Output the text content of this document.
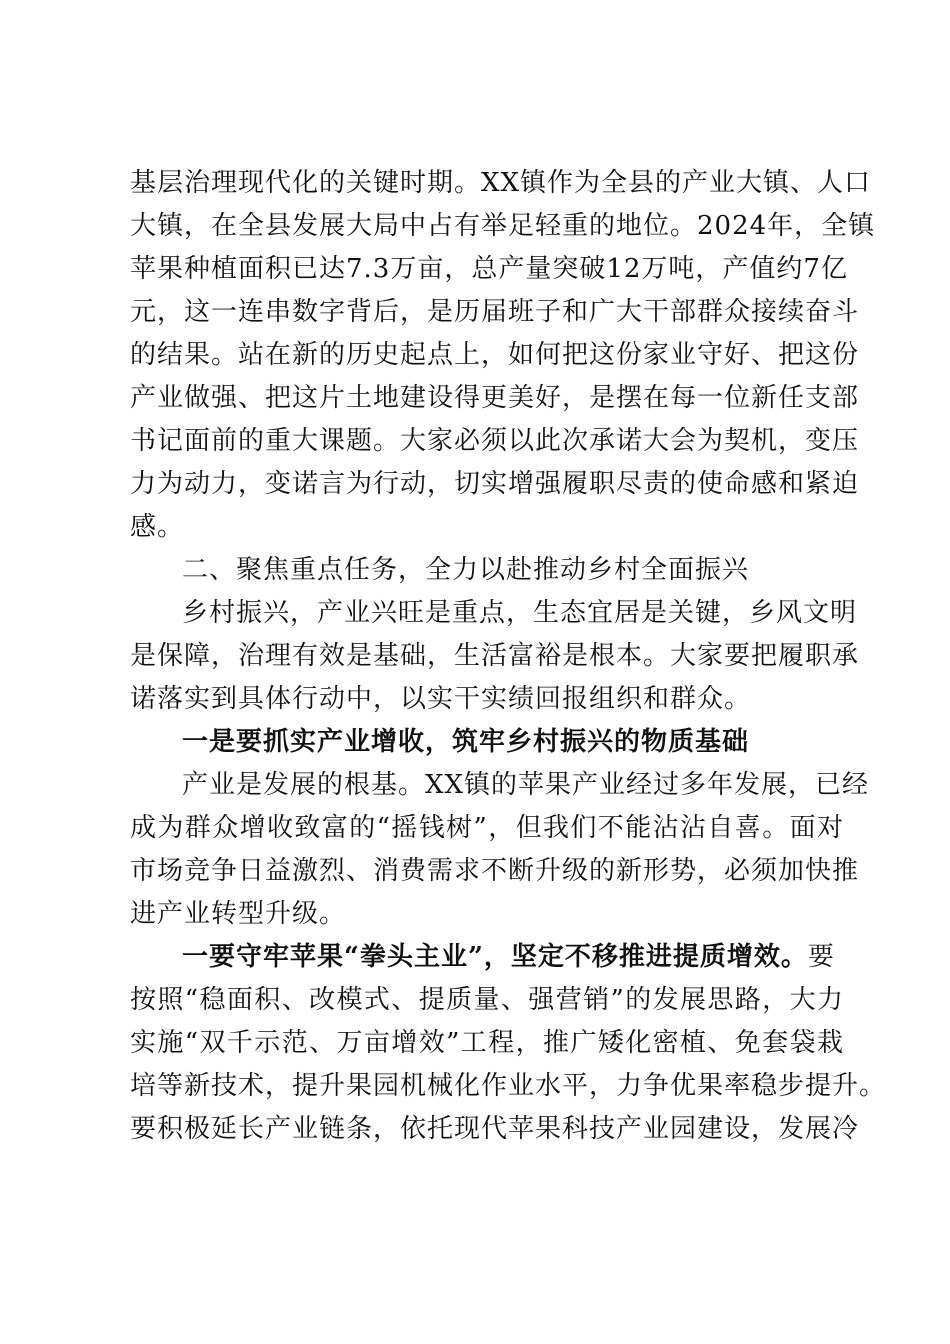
基层治理现代化的关键时期。XX镇作为全县的产业大镇、人口
大镇，在全县发展大局中占有举足轻重的地位。2024年，全镇
苹果种植面积已达7.3万亩，总产量突破12万吨，产值约7亿
元，这一连串数字背后，是历届班子和广大干部群众接续奋斗
的结果。站在新的历史起点上，如何把这份家业守好、把这份
产业做强、把这片土地建设得更美好，是摆在每一位新任支部
书记面前的重大课题。大家必须以此次承诺大会为契机，变压
力为动力，变诺言为行动，切实增强履职尽责的使命感和紧迫
感。
二、聚焦重点任务，全力以赴推动乡村全面振兴
乡村振兴，产业兴旺是重点，生态宜居是关键，乡风文明
是保障，治理有效是基础，生活富裕是根本。大家要把履职承
诺落实到具体行动中，以实干实绩回报组织和群众。
一是要抓实产业增收，筑牢乡村振兴的物质基础
产业是发展的根基。XX镇的苹果产业经过多年发展，已经
成为群众增收致富的“摇钱树”，但我们不能沾沾自喜。面对
市场竞争日益激烈、消费需求不断升级的新形势，必须加快推
进产业转型升级。
一要守牢苹果“拳头主业”，坚定不移推进提质增效。要
按照“稳面积、改模式、提质量、强营销”的发展思路，大力
实施“双千示范、万亩增效”工程，推广矮化密植、免套袋栽
培等新技术，提升果园机械化作业水平，力争优果率稳步提升。
要积极延长产业链条，依托现代苹果科技产业园建设，发展冷
